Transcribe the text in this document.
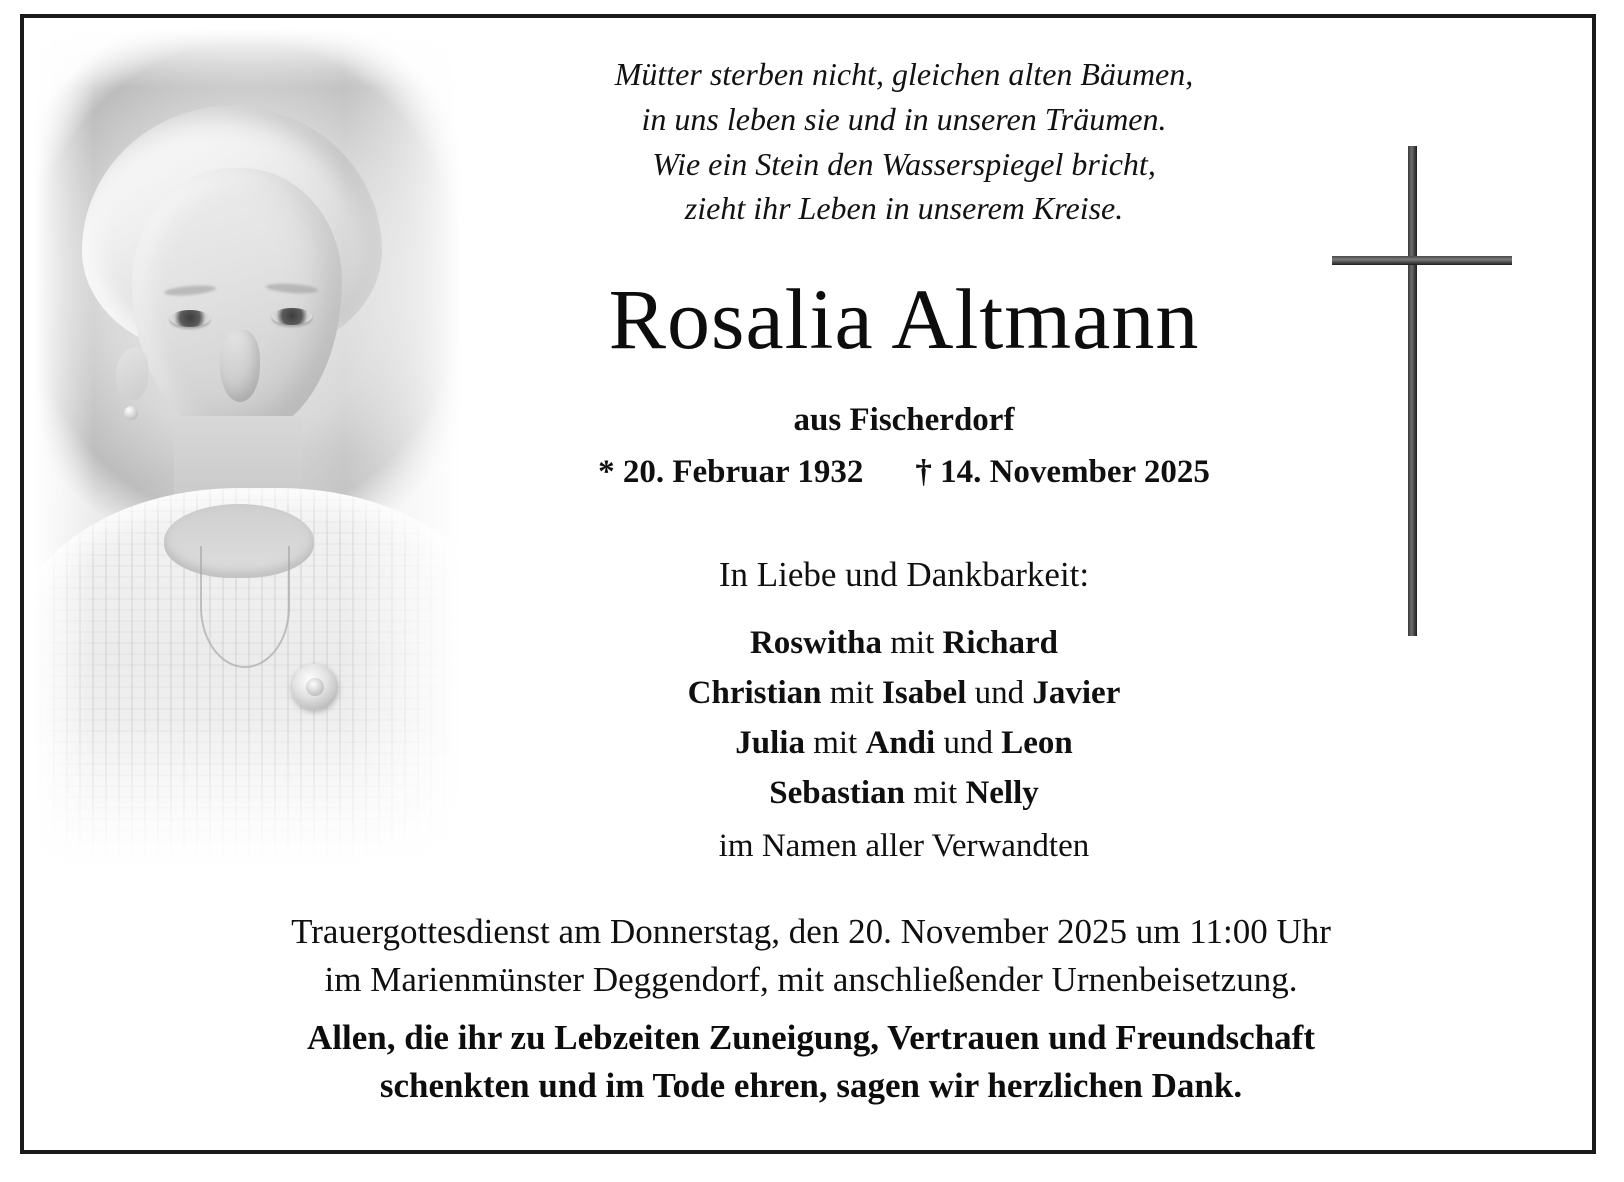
Mütter sterben nicht, gleichen alten Bäumen,
in uns leben sie und in unseren Träumen.
Wie ein Stein den Wasserspiegel bricht,
zieht ihr Leben in unserem Kreise.
Rosalia Altmann
aus Fischerdorf
* 20. Februar 1932 † 14. November 2025
In Liebe und Dankbarkeit:
Roswitha mit Richard
Christian mit Isabel und Javier
Julia mit Andi und Leon
Sebastian mit Nelly
im Namen aller Verwandten
Trauergottesdienst am Donnerstag, den 20. November 2025 um 11:00 Uhr
im Marienmünster Deggendorf, mit anschließender Urnenbeisetzung.
Allen, die ihr zu Lebzeiten Zuneigung, Vertrauen und Freundschaft
schenkten und im Tode ehren, sagen wir herzlichen Dank.
